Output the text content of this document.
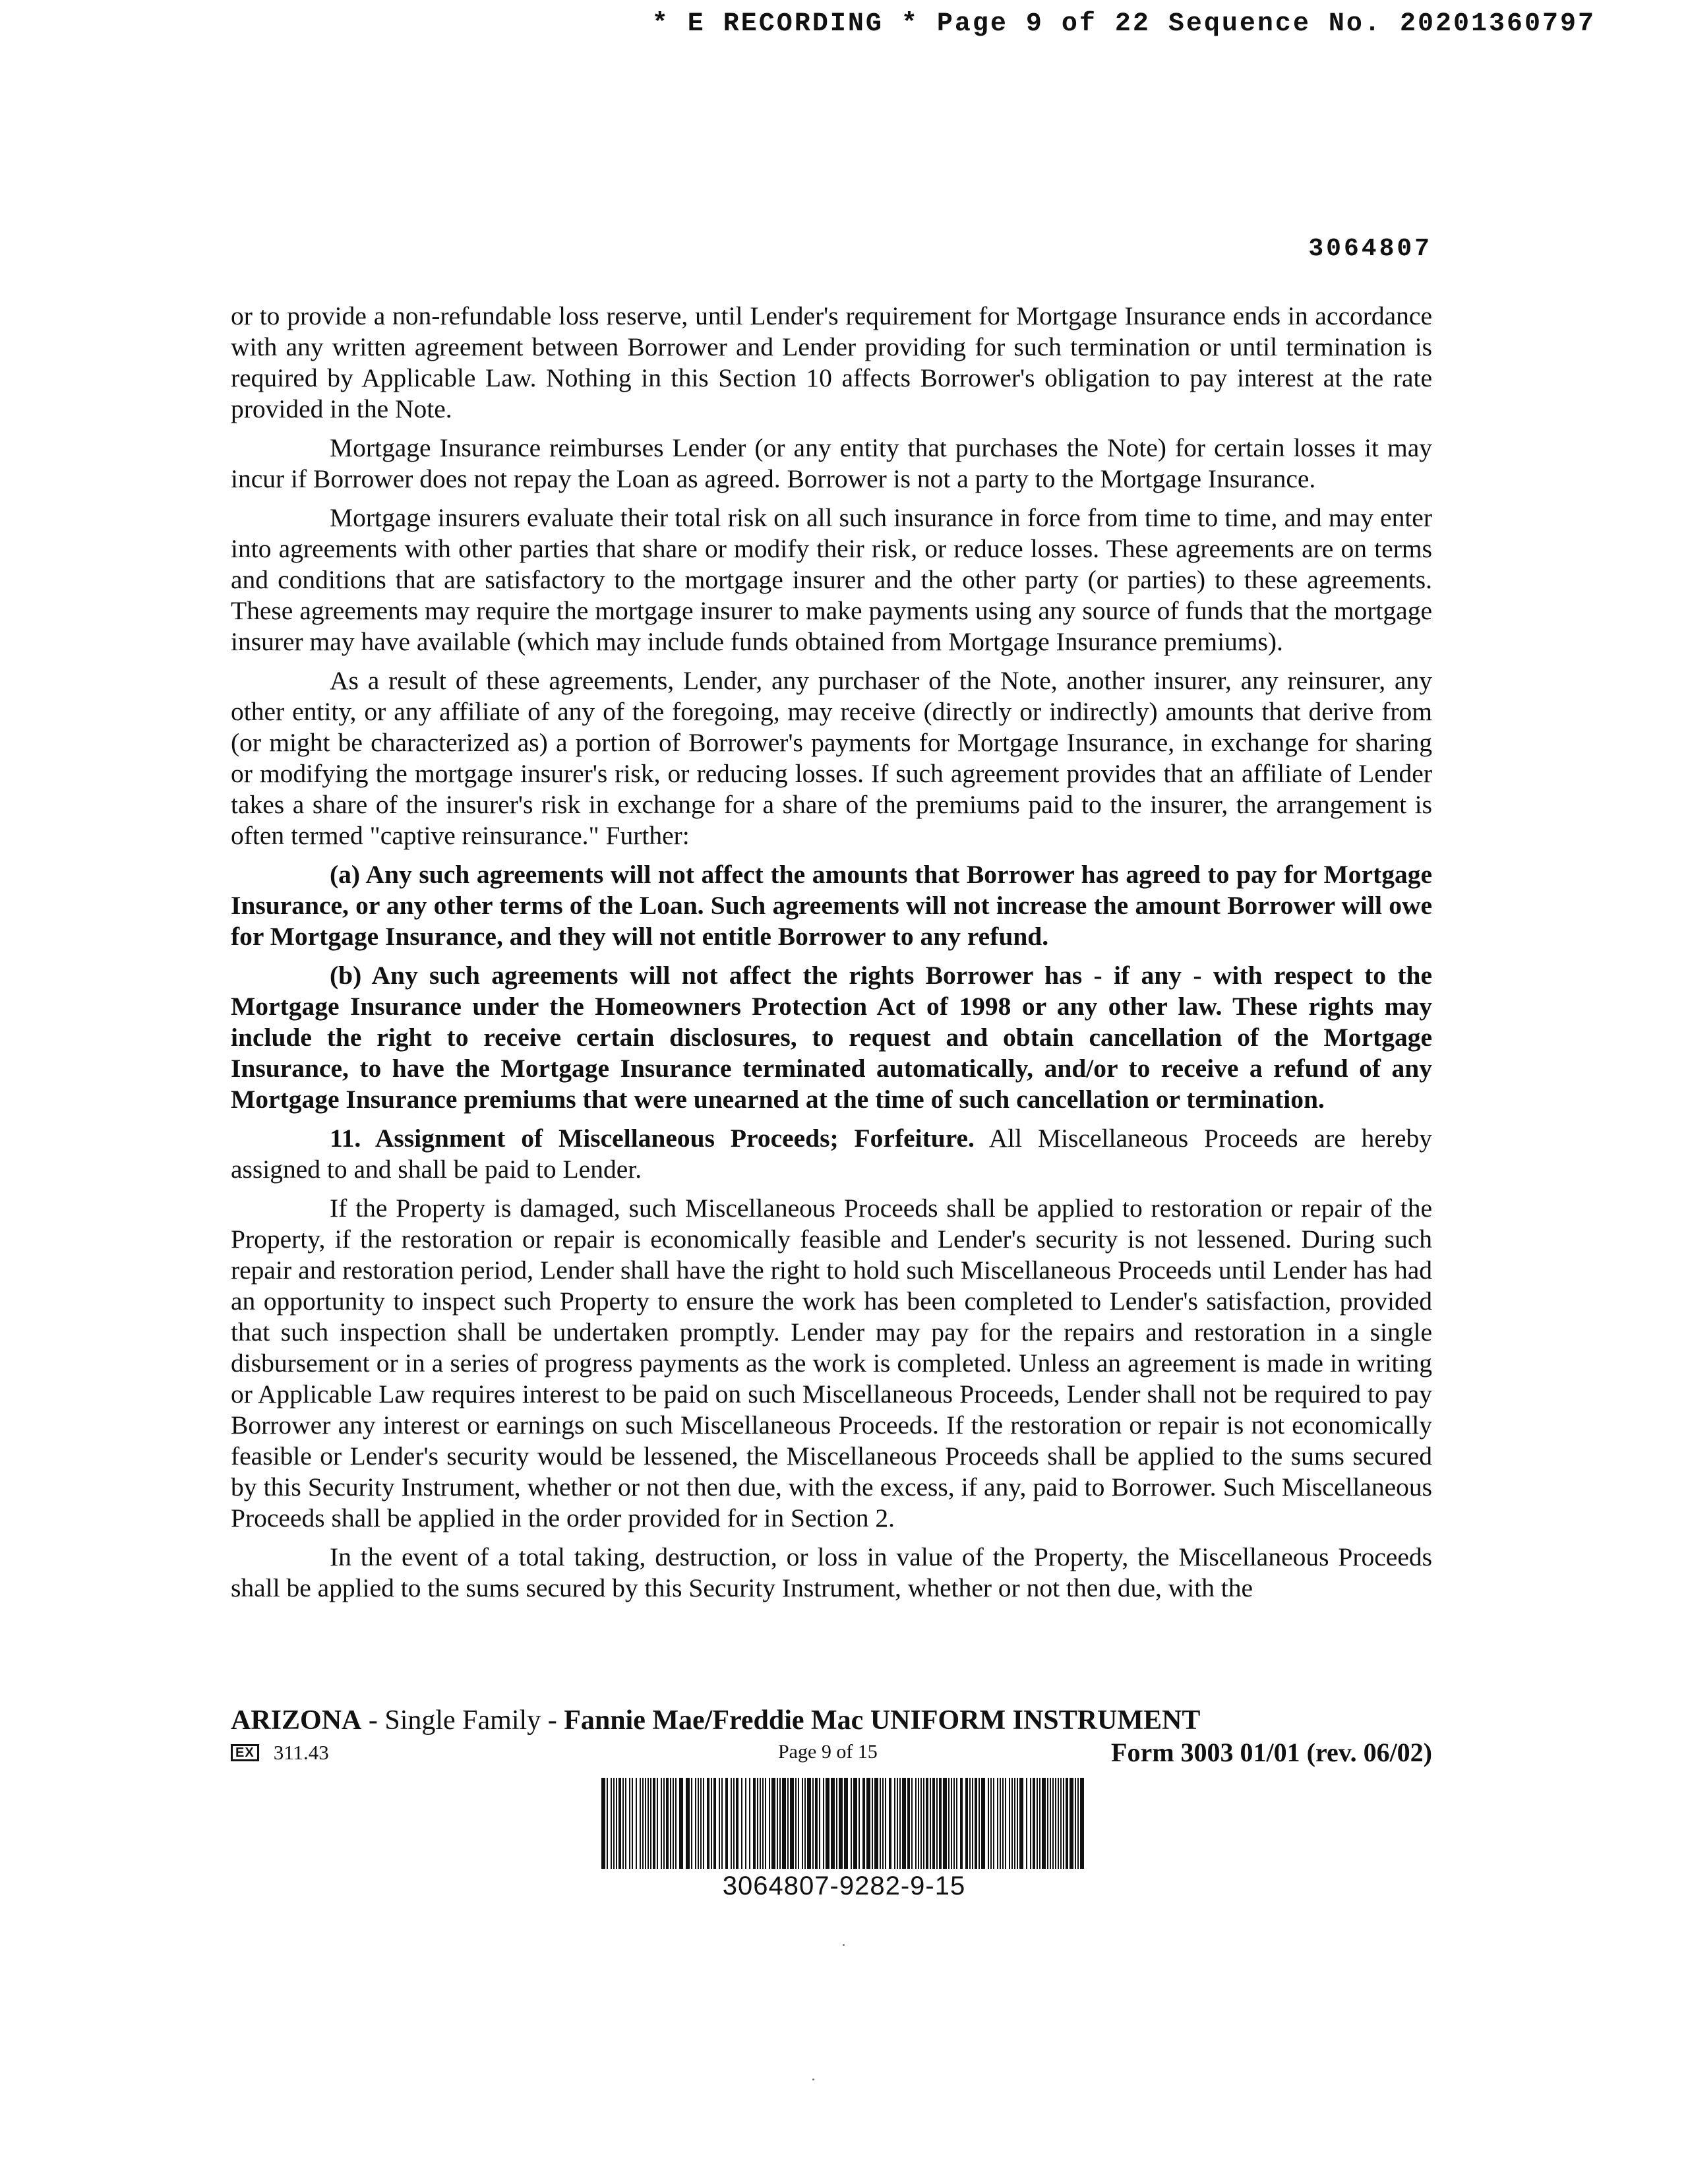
* E RECORDING * Page 9 of 22 Sequence No. 20201360797
3064807

or to provide a non-refundable loss reserve, until Lender's requirement for Mortgage Insurance ends in accordance with any written agreement between Borrower and Lender providing for such termination or until termination is required by Applicable Law. Nothing in this Section 10 affects Borrower's obligation to pay interest at the rate provided in the Note.

Mortgage Insurance reimburses Lender (or any entity that purchases the Note) for certain losses it may incur if Borrower does not repay the Loan as agreed. Borrower is not a party to the Mortgage Insurance.

Mortgage insurers evaluate their total risk on all such insurance in force from time to time, and may enter into agreements with other parties that share or modify their risk, or reduce losses. These agreements are on terms and conditions that are satisfactory to the mortgage insurer and the other party (or parties) to these agreements. These agreements may require the mortgage insurer to make payments using any source of funds that the mortgage insurer may have available (which may include funds obtained from Mortgage Insurance premiums).

As a result of these agreements, Lender, any purchaser of the Note, another insurer, any reinsurer, any other entity, or any affiliate of any of the foregoing, may receive (directly or indirectly) amounts that derive from (or might be characterized as) a portion of Borrower's payments for Mortgage Insurance, in exchange for sharing or modifying the mortgage insurer's risk, or reducing losses. If such agreement provides that an affiliate of Lender takes a share of the insurer's risk in exchange for a share of the premiums paid to the insurer, the arrangement is often termed "captive reinsurance." Further:

(a) Any such agreements will not affect the amounts that Borrower has agreed to pay for Mortgage Insurance, or any other terms of the Loan. Such agreements will not increase the amount Borrower will owe for Mortgage Insurance, and they will not entitle Borrower to any refund.

(b) Any such agreements will not affect the rights Borrower has - if any - with respect to the Mortgage Insurance under the Homeowners Protection Act of 1998 or any other law. These rights may include the right to receive certain disclosures, to request and obtain cancellation of the Mortgage Insurance, to have the Mortgage Insurance terminated automatically, and/or to receive a refund of any Mortgage Insurance premiums that were unearned at the time of such cancellation or termination.

11. Assignment of Miscellaneous Proceeds; Forfeiture. All Miscellaneous Proceeds are hereby assigned to and shall be paid to Lender.

If the Property is damaged, such Miscellaneous Proceeds shall be applied to restoration or repair of the Property, if the restoration or repair is economically feasible and Lender's security is not lessened. During such repair and restoration period, Lender shall have the right to hold such Miscellaneous Proceeds until Lender has had an opportunity to inspect such Property to ensure the work has been completed to Lender's satisfaction, provided that such inspection shall be undertaken promptly. Lender may pay for the repairs and restoration in a single disbursement or in a series of progress payments as the work is completed. Unless an agreement is made in writing or Applicable Law requires interest to be paid on such Miscellaneous Proceeds, Lender shall not be required to pay Borrower any interest or earnings on such Miscellaneous Proceeds. If the restoration or repair is not economically feasible or Lender's security would be lessened, the Miscellaneous Proceeds shall be applied to the sums secured by this Security Instrument, whether or not then due, with the excess, if any, paid to Borrower. Such Miscellaneous Proceeds shall be applied in the order provided for in Section 2.

In the event of a total taking, destruction, or loss in value of the Property, the Miscellaneous Proceeds shall be applied to the sums secured by this Security Instrument, whether or not then due, with the

ARIZONA - Single Family - Fannie Mae/Freddie Mac UNIFORM INSTRUMENT
EX 311.43	Page 9 of 15	Form 3003 01/01 (rev. 06/02)
3064807-9282-9-15
